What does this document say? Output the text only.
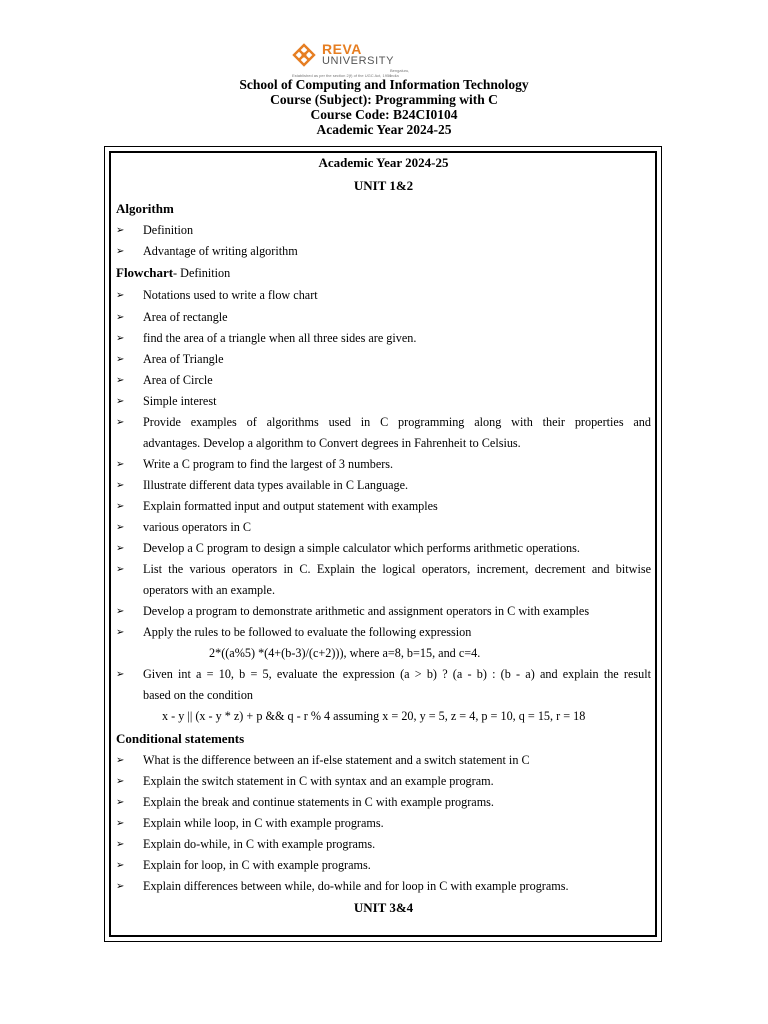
REVA
UNIVERSITY
Bengaluru, India
Established as per the section 2(f) of the UGC Act, 1956
School of Computing and Information Technology
Course (Subject): Programming with C
Course Code: B24CI0104
Academic Year 2024-25
Academic Year 2024-25
UNIT 1&2
Algorithm
➢ Definition
➢ Advantage of writing algorithm
Flowchart- Definition
➢ Notations used to write a flow chart
➢ Area of rectangle
➢ find the area of a triangle when all three sides are given.
➢ Area of Triangle
➢ Area of Circle
➢ Simple interest
➢ Provide examples of algorithms used in C programming along with their properties and
advantages. Develop a algorithm to Convert degrees in Fahrenheit to Celsius.
➢ Write a C program to find the largest of 3 numbers.
➢ Illustrate different data types available in C Language.
➢ Explain formatted input and output statement with examples
➢ various operators in C
➢ Develop a C program to design a simple calculator which performs arithmetic operations.
➢ List the various operators in C. Explain the logical operators, increment, decrement and bitwise
operators with an example.
➢ Develop a program to demonstrate arithmetic and assignment operators in C with examples
➢ Apply the rules to be followed to evaluate the following expression
2*((a%5) *(4+(b-3)/(c+2))), where a=8, b=15, and c=4.
➢ Given int a = 10, b = 5, evaluate the expression (a > b) ? (a - b) : (b - a) and explain the result
based on the condition
x - y || (x - y * z) + p && q - r % 4 assuming x = 20, y = 5, z = 4, p = 10, q = 15, r = 18
Conditional statements
➢ What is the difference between an if-else statement and a switch statement in C
➢ Explain the switch statement in C with syntax and an example program.
➢ Explain the break and continue statements in C with example programs.
➢ Explain while loop, in C with example programs.
➢ Explain do-while, in C with example programs.
➢ Explain for loop, in C with example programs.
➢ Explain differences between while, do-while and for loop in C with example programs.
UNIT 3&4
